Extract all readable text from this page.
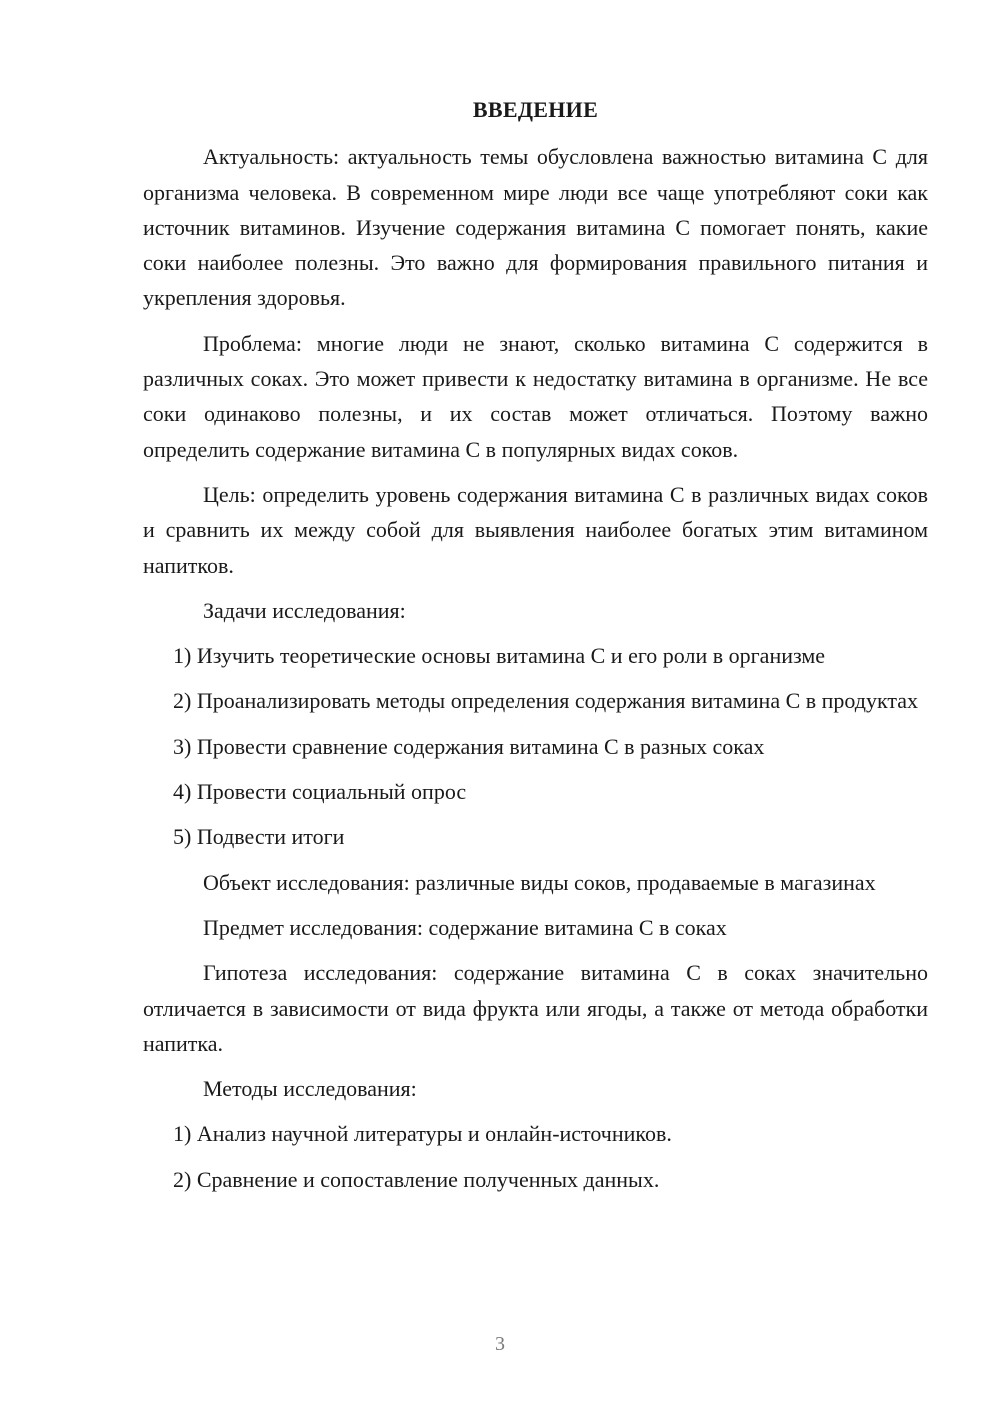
ВВЕДЕНИЕ

Актуальность: актуальность темы обусловлена важностью витамина С для организма человека. В современном мире люди все чаще употребляют соки как источник витаминов. Изучение содержания витамина С помогает понять, какие соки наиболее полезны. Это важно для формирования правильного питания и укрепления здоровья.

Проблема: многие люди не знают, сколько витамина С содержится в различных соках. Это может привести к недостатку витамина в организме. Не все соки одинаково полезны, и их состав может отличаться. Поэтому важно определить содержание витамина С в популярных видах соков.

Цель: определить уровень содержания витамина С в различных видах соков и сравнить их между собой для выявления наиболее богатых этим витамином напитков.

Задачи исследования:

1) Изучить теоретические основы витамина С и его роли в организме

2) Проанализировать методы определения содержания витамина С в продуктах

3) Провести сравнение содержания витамина С в разных соках

4) Провести социальный опрос

5) Подвести итоги

Объект исследования: различные виды соков, продаваемые в магазинах

Предмет исследования: содержание витамина С в соках

Гипотеза исследования: содержание витамина С в соках значительно отличается в зависимости от вида фрукта или ягоды, а также от метода обработки напитка.

Методы исследования:

1) Анализ научной литературы и онлайн-источников.

2) Сравнение и сопоставление полученных данных.

3
